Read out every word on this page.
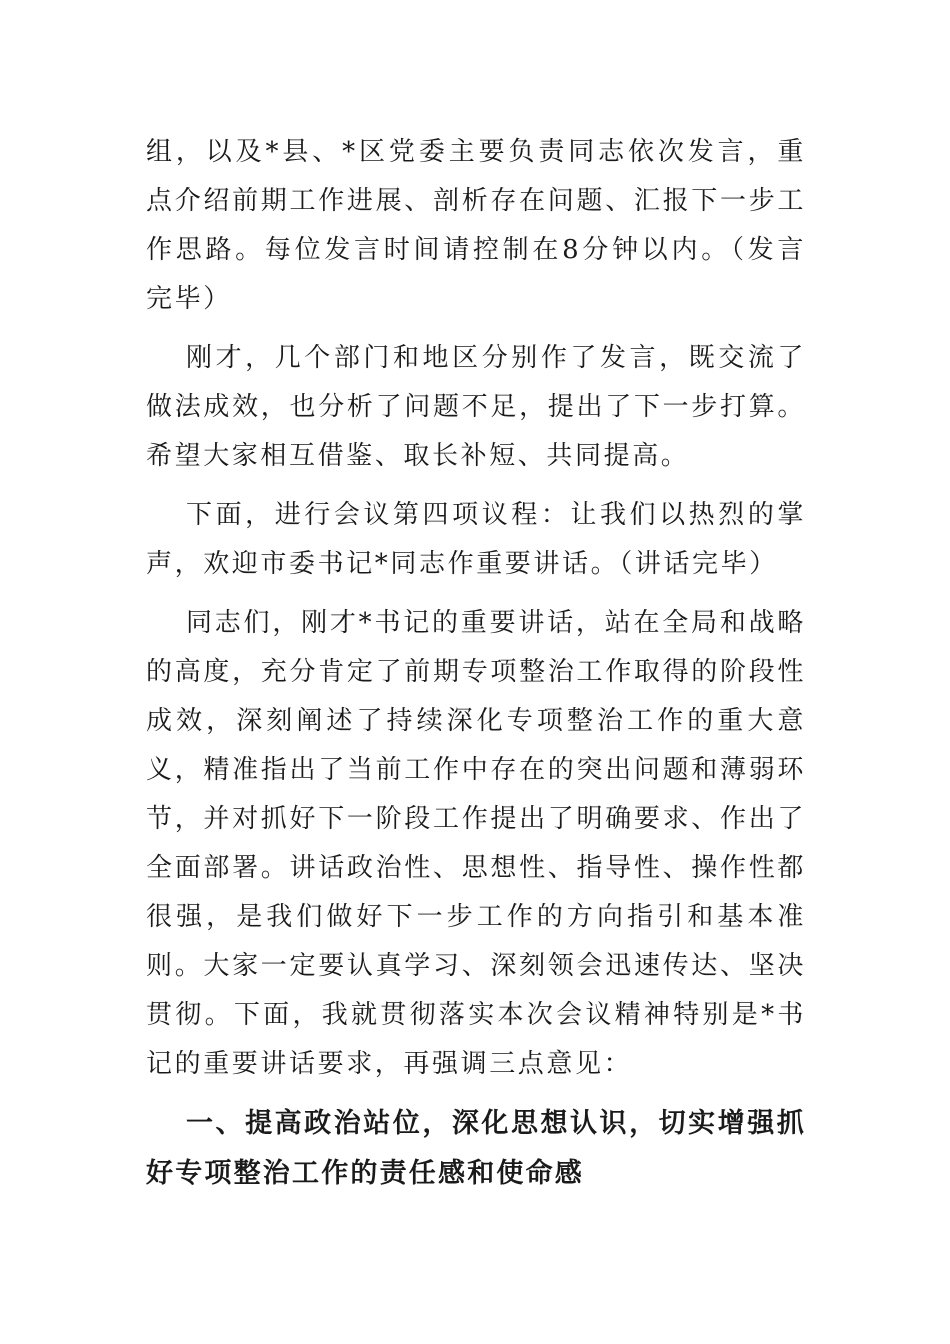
组，以及*县、*区党委主要负责同志依次发言，重点介绍前期工作进展、剖析存在问题、汇报下一步工作思路。每位发言时间请控制在8分钟以内。（发言完毕）

刚才，几个部门和地区分别作了发言，既交流了做法成效，也分析了问题不足，提出了下一步打算。希望大家相互借鉴、取长补短、共同提高。

下面，进行会议第四项议程：让我们以热烈的掌声，欢迎市委书记*同志作重要讲话。（讲话完毕）

同志们，刚才*书记的重要讲话，站在全局和战略的高度，充分肯定了前期专项整治工作取得的阶段性成效，深刻阐述了持续深化专项整治工作的重大意义，精准指出了当前工作中存在的突出问题和薄弱环节，并对抓好下一阶段工作提出了明确要求、作出了全面部署。讲话政治性、思想性、指导性、操作性都很强，是我们做好下一步工作的方向指引和基本准则。大家一定要认真学习、深刻领会迅速传达、坚决贯彻。下面，我就贯彻落实本次会议精神特别是*书记的重要讲话要求，再强调三点意见：

一、提高政治站位，深化思想认识，切实增强抓好专项整治工作的责任感和使命感
